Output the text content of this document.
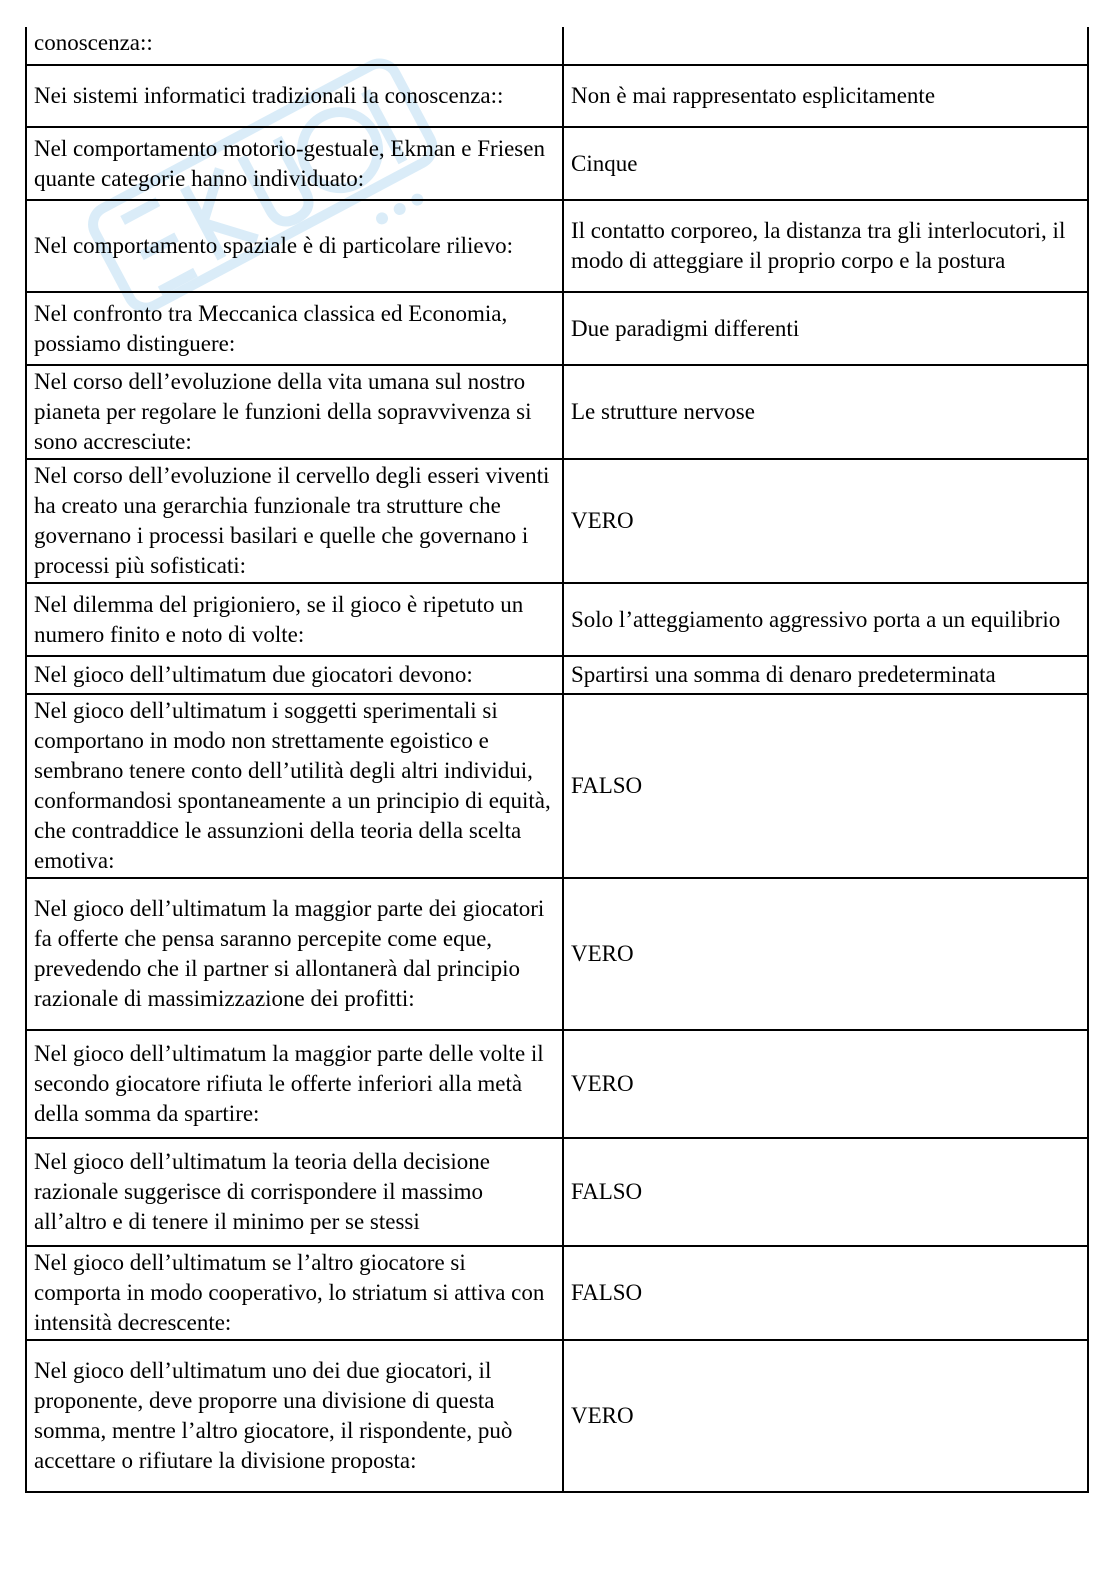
conoscenza::	
Nei sistemi informatici tradizionali la conoscenza::	Non è mai rappresentato esplicitamente
Nel comportamento motorio-gestuale, Ekman e Friesen quante categorie hanno individuato:	Cinque
Nel comportamento spaziale è di particolare rilievo:	Il contatto corporeo, la distanza tra gli interlocutori, il modo di atteggiare il proprio corpo e la postura
Nel confronto tra Meccanica classica ed Economia, possiamo distinguere:	Due paradigmi differenti
Nel corso dell’evoluzione della vita umana sul nostro pianeta per regolare le funzioni della sopravvivenza si sono accresciute:	Le strutture nervose
Nel corso dell’evoluzione il cervello degli esseri viventi ha creato una gerarchia funzionale tra strutture che governano i processi basilari e quelle che governano i processi più sofisticati:	VERO
Nel dilemma del prigioniero, se il gioco è ripetuto un numero finito e noto di volte:	Solo l’atteggiamento aggressivo porta a un equilibrio
Nel gioco dell’ultimatum due giocatori devono:	Spartirsi una somma di denaro predeterminata
Nel gioco dell’ultimatum i soggetti sperimentali si comportano in modo non strettamente egoistico e sembrano tenere conto dell’utilità degli altri individui, conformandosi spontaneamente a un principio di equità, che contraddice le assunzioni della teoria della scelta emotiva:	FALSO
Nel gioco dell’ultimatum la maggior parte dei giocatori fa offerte che pensa saranno percepite come eque, prevedendo che il partner si allontanerà dal principio razionale di massimizzazione dei profitti:	VERO
Nel gioco dell’ultimatum la maggior parte delle volte il secondo giocatore rifiuta le offerte inferiori alla metà della somma da spartire:	VERO
Nel gioco dell’ultimatum la teoria della decisione razionale suggerisce di corrispondere il massimo all’altro e di tenere il minimo per se stessi	FALSO
Nel gioco dell’ultimatum se l’altro giocatore si comporta in modo cooperativo, lo striatum si attiva con intensità decrescente:	FALSO
Nel gioco dell’ultimatum uno dei due giocatori, il proponente, deve proporre una divisione di questa somma, mentre l’altro giocatore, il rispondente, può accettare o rifiutare la divisione proposta:	VERO
